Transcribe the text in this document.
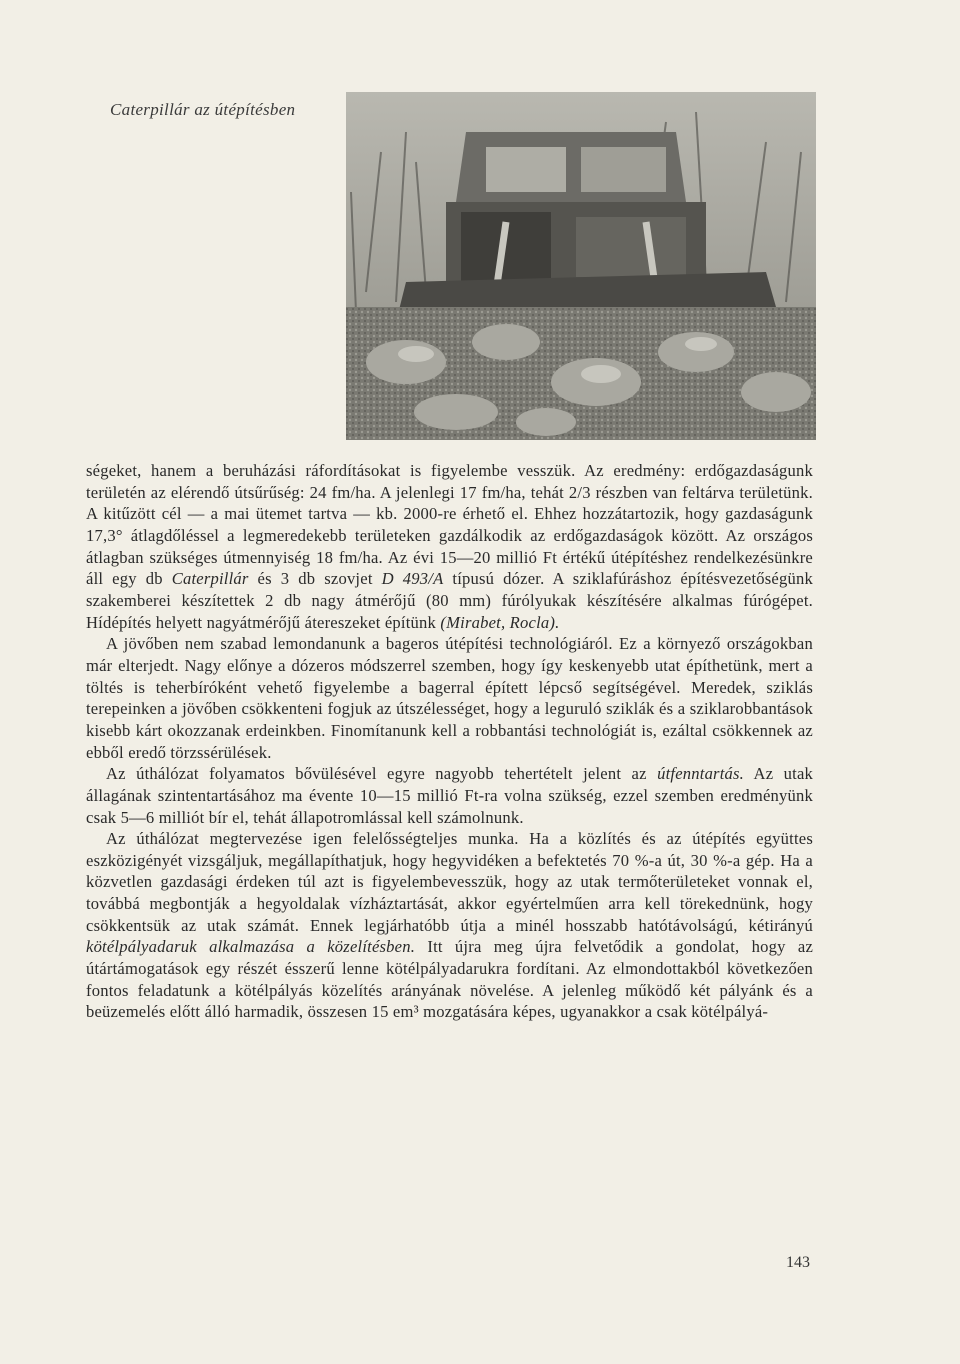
Caterpillár az útépítésben

ségeket, hanem a beruházási ráfordításokat is figyelembe vesszük. Az eredmény: erdőgazdaságunk területén az elérendő útsűrűség: 24 fm/ha. A jelenlegi 17 fm/ha, tehát 2/3 részben van feltárva területünk. A kitűzött cél — a mai ütemet tartva — kb. 2000-re érhető el. Ehhez hozzátartozik, hogy gazdaságunk 17,3° átlagdőléssel a legmeredekebb területeken gazdálkodik az erdőgazdaságok között. Az országos átlagban szükséges útmennyiség 18 fm/ha. Az évi 15—20 millió Ft értékű útépítéshez rendelkezésünkre áll egy db Caterpillár és 3 db szovjet D 493/A típusú dózer. A sziklafúráshoz építésvezetőségünk szakemberei készítettek 2 db nagy átmérőjű (80 mm) fúrólyukak készítésére alkalmas fúrógépet. Hídépítés helyett nagyátmérőjű átereszeket építünk (Mirabet, Rocla).

A jövőben nem szabad lemondanunk a bageros útépítési technológiáról. Ez a környező országokban már elterjedt. Nagy előnye a dózeros módszerrel szemben, hogy így keskenyebb utat építhetünk, mert a töltés is teherbíróként vehető figyelembe a bagerral épített lépcső segítségével. Meredek, sziklás terepeinken a jövőben csökkenteni fogjuk az útszélességet, hogy a leguruló sziklák és a sziklarobbantások kisebb kárt okozzanak erdeinkben. Finomítanunk kell a robbantási technológiát is, ezáltal csökkennek az ebből eredő törzssérülések.

Az úthálózat folyamatos bővülésével egyre nagyobb tehertételt jelent az útfenntartás. Az utak állagának szintentartásához ma évente 10—15 millió Ft-ra volna szükség, ezzel szemben eredményünk csak 5—6 milliót bír el, tehát állapotromlással kell számolnunk.

Az úthálózat megtervezése igen felelősségteljes munka. Ha a közlítés és az útépítés együttes eszközigényét vizsgáljuk, megállapíthatjuk, hogy hegyvidéken a befektetés 70 %-a út, 30 %-a gép. Ha a közvetlen gazdasági érdeken túl azt is figyelembevesszük, hogy az utak termőterületeket vonnak el, továbbá megbontják a hegyoldalak vízháztartását, akkor egyértelműen arra kell törekednünk, hogy csökkentsük az utak számát. Ennek legjárhatóbb útja a minél hosszabb hatótávolságú, kétirányú kötélpályadaruk alkalmazása a közelítésben. Itt újra meg újra felvetődik a gondolat, hogy az útártámogatások egy részét ésszerű lenne kötélpályadarukra fordítani. Az elmondottakból következően fontos feladatunk a kötélpályás közelítés arányának növelése. A jelenleg működő két pályánk és a beüzemelés előtt álló harmadik, összesen 15 em³ mozgatására képes, ugyanakkor a csak kötélpályá-

143
